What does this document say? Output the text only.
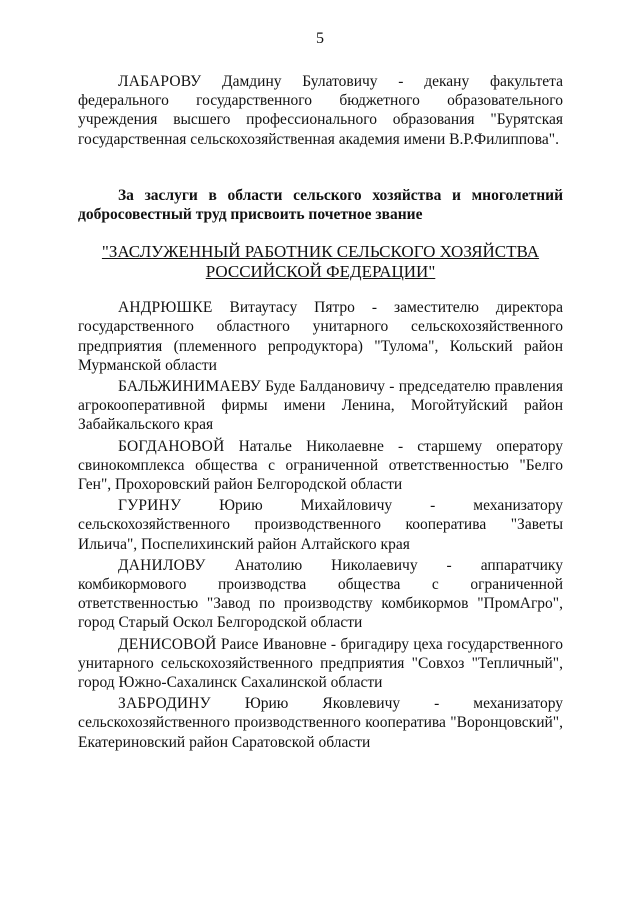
5

ЛАБАРОВУ Дамдину Булатовичу - декану факультета федерального государственного бюджетного образовательного учреждения высшего профессионального образования "Бурятская государственная сельскохозяйственная академия имени В.Р.Филиппова".

За заслуги в области сельского хозяйства и многолетний добросовестный труд присвоить почетное звание

"ЗАСЛУЖЕННЫЙ РАБОТНИК СЕЛЬСКОГО ХОЗЯЙСТВА

РОССИЙСКОЙ ФЕДЕРАЦИИ"

АНДРЮШКЕ Витаутасу Пятро - заместителю директора государственного областного унитарного сельскохозяйственного предприятия (племенного репродуктора) "Тулома", Кольский район Мурманской области

БАЛЬЖИНИМАЕВУ Буде Балдановичу - председателю правления агрокооперативной фирмы имени Ленина, Могойтуйский район Забайкальского края

БОГДАНОВОЙ Наталье Николаевне - старшему оператору свинокомплекса общества с ограниченной ответственностью "Белго Ген", Прохоровский район Белгородской области

ГУРИНУ Юрию Михайловичу - механизатору сельскохозяйственного производственного кооператива "Заветы Ильича", Поспелихинский район Алтайского края

ДАНИЛОВУ Анатолию Николаевичу - аппаратчику комбикормового производства общества с ограниченной ответственностью "Завод по производству комбикормов "ПромАгро", город Старый Оскол Белгородской области

ДЕНИСОВОЙ Раисе Ивановне - бригадиру цеха государственного унитарного сельскохозяйственного предприятия "Совхоз "Тепличный", город Южно-Сахалинск Сахалинской области

ЗАБРОДИНУ Юрию Яковлевичу - механизатору сельскохозяйственного производственного кооператива "Воронцовский", Екатериновский район Саратовской области
